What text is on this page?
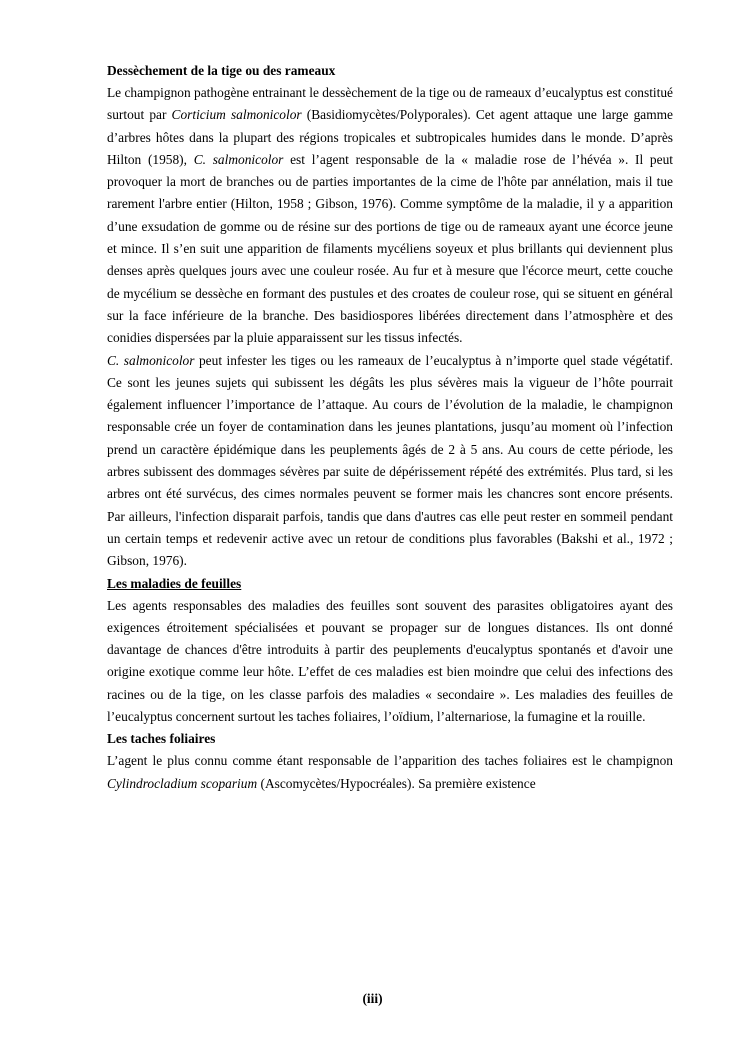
Dessèchement de la tige ou des rameaux

Le champignon pathogène entrainant le dessèchement de la tige ou de rameaux d’eucalyptus est constitué surtout par Corticium salmonicolor (Basidiomycètes/Polyporales). Cet agent attaque une large gamme d’arbres hôtes dans la plupart des régions tropicales et subtropicales humides dans le monde. D’après Hilton (1958), C. salmonicolor est l’agent responsable de la « maladie rose de l’hévéa ». Il peut provoquer la mort de branches ou de parties importantes de la cime de l'hôte par annélation, mais il tue rarement l'arbre entier (Hilton, 1958 ; Gibson, 1976). Comme symptôme de la maladie, il y a apparition d’une exsudation de gomme ou de résine sur des portions de tige ou de rameaux ayant une écorce jeune et mince. Il s’en suit une apparition de filaments mycéliens soyeux et plus brillants qui deviennent plus denses après quelques jours avec une couleur rosée. Au fur et à mesure que l'écorce meurt, cette couche de mycélium se dessèche en formant des pustules et des croates de couleur rose, qui se situent en général sur la face inférieure de la branche. Des basidiospores libérées directement dans l’atmosphère et des conidies dispersées par la pluie apparaissent sur les tissus infectés.

C. salmonicolor peut infester les tiges ou les rameaux de l’eucalyptus à n’importe quel stade végétatif. Ce sont les jeunes sujets qui subissent les dégâts les plus sévères mais la vigueur de l’hôte pourrait également influencer l’importance de l’attaque. Au cours de l’évolution de la maladie, le champignon responsable crée un foyer de contamination dans les jeunes plantations, jusqu’au moment où l’infection prend un caractère épidémique dans les peuplements âgés de 2 à 5 ans. Au cours de cette période, les arbres subissent des dommages sévères par suite de dépérissement répété des extrémités. Plus tard, si les arbres ont été survécus, des cimes normales peuvent se former mais les chancres sont encore présents. Par ailleurs, l'infection disparait parfois, tandis que dans d'autres cas elle peut rester en sommeil pendant un certain temps et redevenir active avec un retour de conditions plus favorables (Bakshi et al., 1972 ; Gibson, 1976).

Les maladies de feuilles

Les agents responsables des maladies des feuilles sont souvent des parasites obligatoires ayant des exigences étroitement spécialisées et pouvant se propager sur de longues distances. Ils ont donné davantage de chances d'être introduits à partir des peuplements d'eucalyptus spontanés et d'avoir une origine exotique comme leur hôte. L’effet de ces maladies est bien moindre que celui des infections des racines ou de la tige, on les classe parfois des maladies « secondaire ». Les maladies des feuilles de l’eucalyptus concernent surtout les taches foliaires, l’oïdium, l’alternariose, la fumagine et la rouille.

Les taches foliaires

L’agent le plus connu comme étant responsable de l’apparition des taches foliaires est le champignon Cylindrocladium scoparium (Ascomycètes/Hypocréales). Sa première existence

(iii)
